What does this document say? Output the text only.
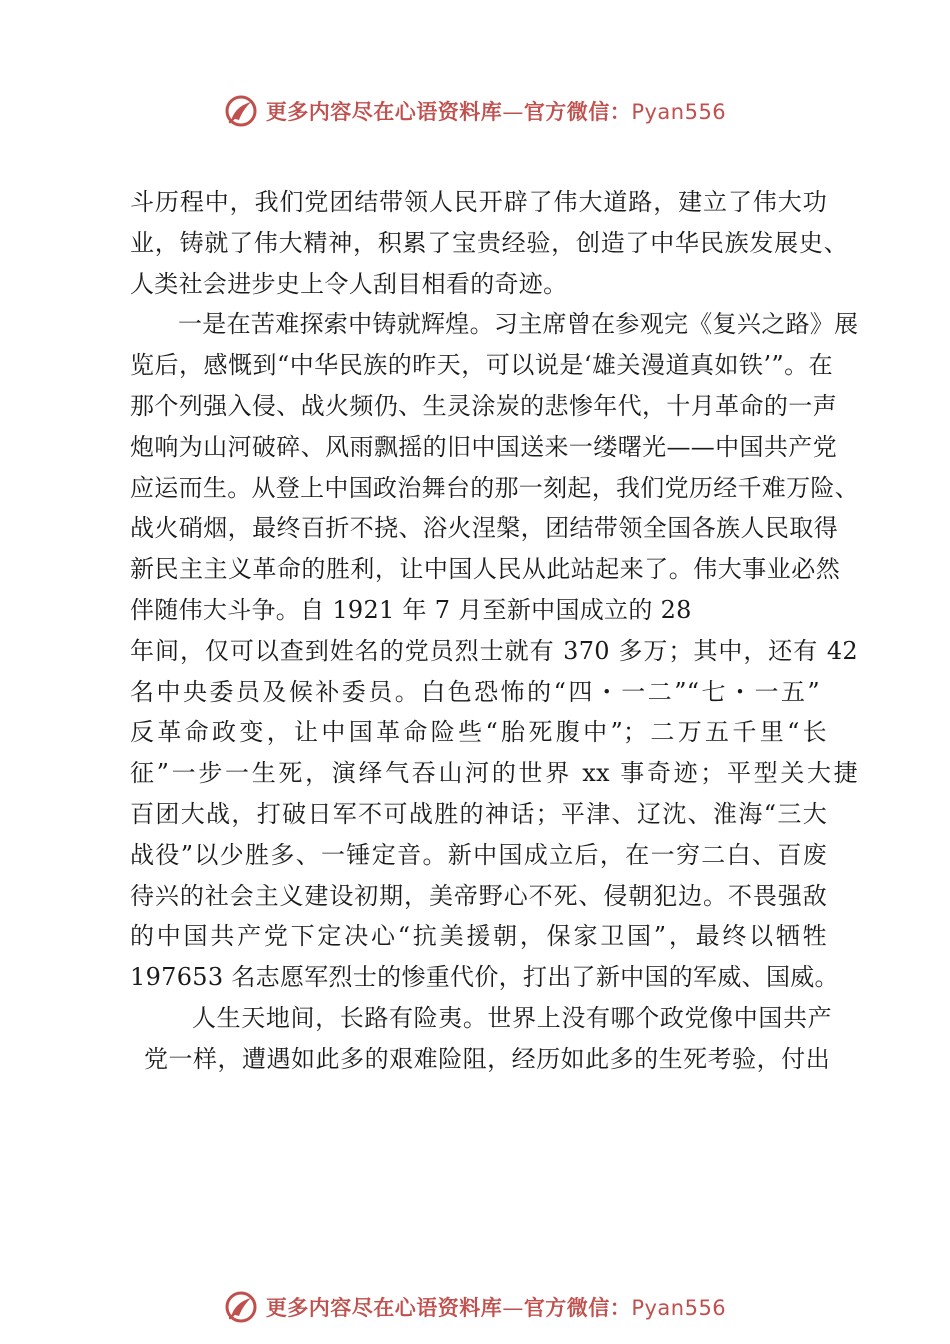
更多内容尽在心语资料库—官方微信：Pyan556
斗历程中，我们党团结带领人民开辟了伟大道路，建立了伟大功
业，铸就了伟大精神，积累了宝贵经验，创造了中华民族发展史、
人类社会进步史上令人刮目相看的奇迹。
一是在苦难探索中铸就辉煌。习主席曾在参观完《复兴之路》展
览后，感慨到“中华民族的昨天，可以说是‘雄关漫道真如铁’”。在
那个列强入侵、战火频仍、生灵涂炭的悲惨年代，十月革命的一声
炮响为山河破碎、风雨飘摇的旧中国送来一缕曙光——中国共产党
应运而生。从登上中国政治舞台的那一刻起，我们党历经千难万险、
战火硝烟，最终百折不挠、浴火涅槃，团结带领全国各族人民取得
新民主主义革命的胜利，让中国人民从此站起来了。伟大事业必然
伴随伟大斗争。自 1921 年 7 月至新中国成立的 28
年间，仅可以查到姓名的党员烈士就有 370 多万；其中，还有 42
名中央委员及候补委员。白色恐怖的“四・一二”“七・一五”
反革命政变，让中国革命险些“胎死腹中”；二万五千里“长
征”一步一生死，演绎气吞山河的世界 xx 事奇迹；平型关大捷
百团大战，打破日军不可战胜的神话；平津、辽沈、淮海“三大
战役”以少胜多、一锤定音。新中国成立后，在一穷二白、百废
待兴的社会主义建设初期，美帝野心不死、侵朝犯边。不畏强敌
的中国共产党下定决心“抗美援朝，保家卫国”，最终以牺牲
197653 名志愿军烈士的惨重代价，打出了新中国的军威、国威。
人生天地间，长路有险夷。世界上没有哪个政党像中国共产
党一样，遭遇如此多的艰难险阻，经历如此多的生死考验，付出
更多内容尽在心语资料库—官方微信：Pyan556
